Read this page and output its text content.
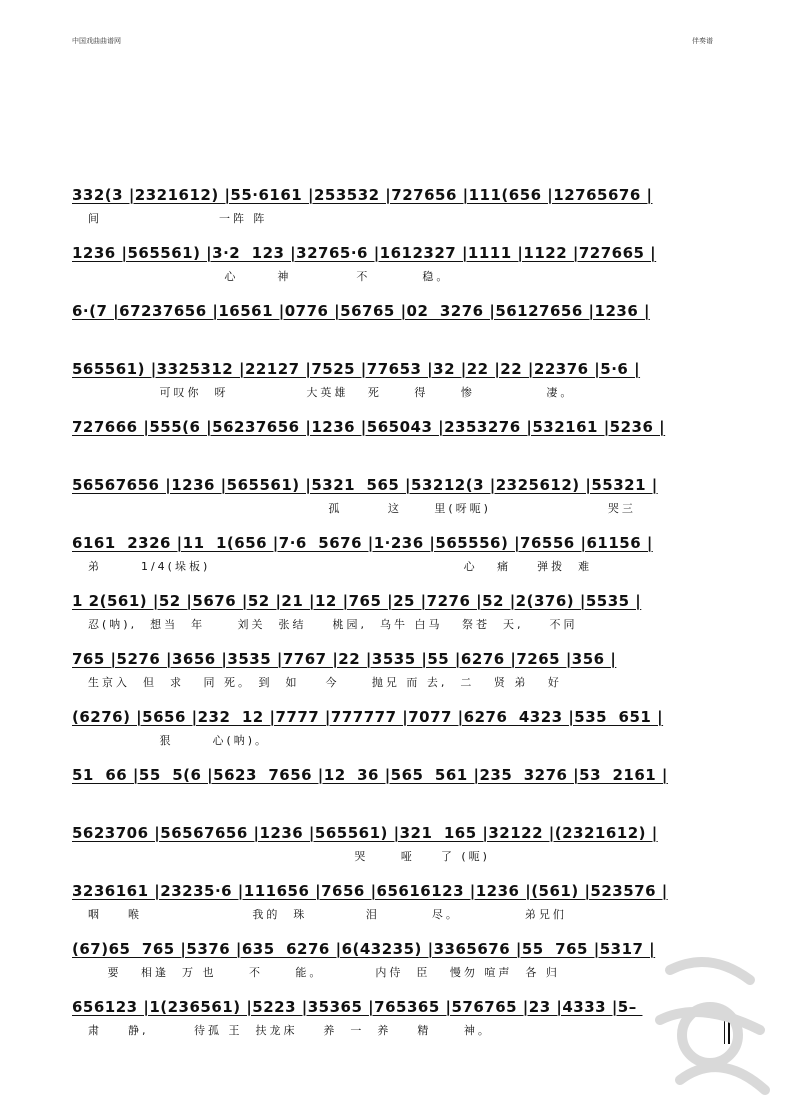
中国戏曲曲谱网	伴奏谱
332(3 |2321612) |55·6161 |253532 |727656 |111(656 |12765676 |
间                  一阵 阵
1236 |565561) |3·2  123 |32765·6 |1612327 |1111 |1122 |727665 |
心      神          不        稳。
6·(7 |67237656 |16561 |0776 |56765 |02  3276 |56127656 |1236 |
565561) |3325312 |22127 |7525 |77653 |32 |22 |22 |22376 |5·6 |
可叹你  呀            大英雄   死     得     惨           凄。
727666 |555(6 |56237656 |1236 |565043 |2353276 |532161 |5236 |
56567656 |1236 |565561) |5321  565 |53212(3 |2325612) |55321 |
孤       这     里(呀呃)                  哭三
6161  2326 |11  1(656 |7·6  5676 |1·236 |565556) |76556 |61156 |
弟      1/4(垛板)                                       心   痛    弹拨  难
1 2(561) |52 |5676 |52 |21 |12 |765 |25 |7276 |52 |2(376) |5535 |
忍(呐),  想当  年     刘关  张结    桃园,  乌牛 白马   祭苍  天,    不同
765 |5276 |3656 |3535 |7767 |22 |3535 |55 |6276 |7265 |356 |
生京入  但  求   同 死。 到  如    今     抛兄 而 去,  二   贤 弟   好
(6276) |5656 |232  12 |7777 |777777 |7077 |6276  4323 |535  651 |
狠      心(呐)。
51  66 |55  5(6 |5623  7656 |12  36 |565  561 |235  3276 |53  2161 |
5623706 |56567656 |1236 |565561) |321  165 |32122 |(2321612) |
哭     哑    了 (呃)
3236161 |23235·6 |111656 |7656 |65616123 |1236 |(561) |523576 |
咽    喉                 我的  珠         泪        尽。          弟兄们
(67)65  765 |5376 |635  6276 |6(43235) |3365676 |55  765 |5317 |
要   相逢  万 也     不     能。        内侍  臣   慢勿 喧声  各 归
656123 |1(236561) |5223 |35365 |765365 |576765 |23 |4333 |5–
肃    静,       待孤 王  扶龙床    养  一  养    精     神。
